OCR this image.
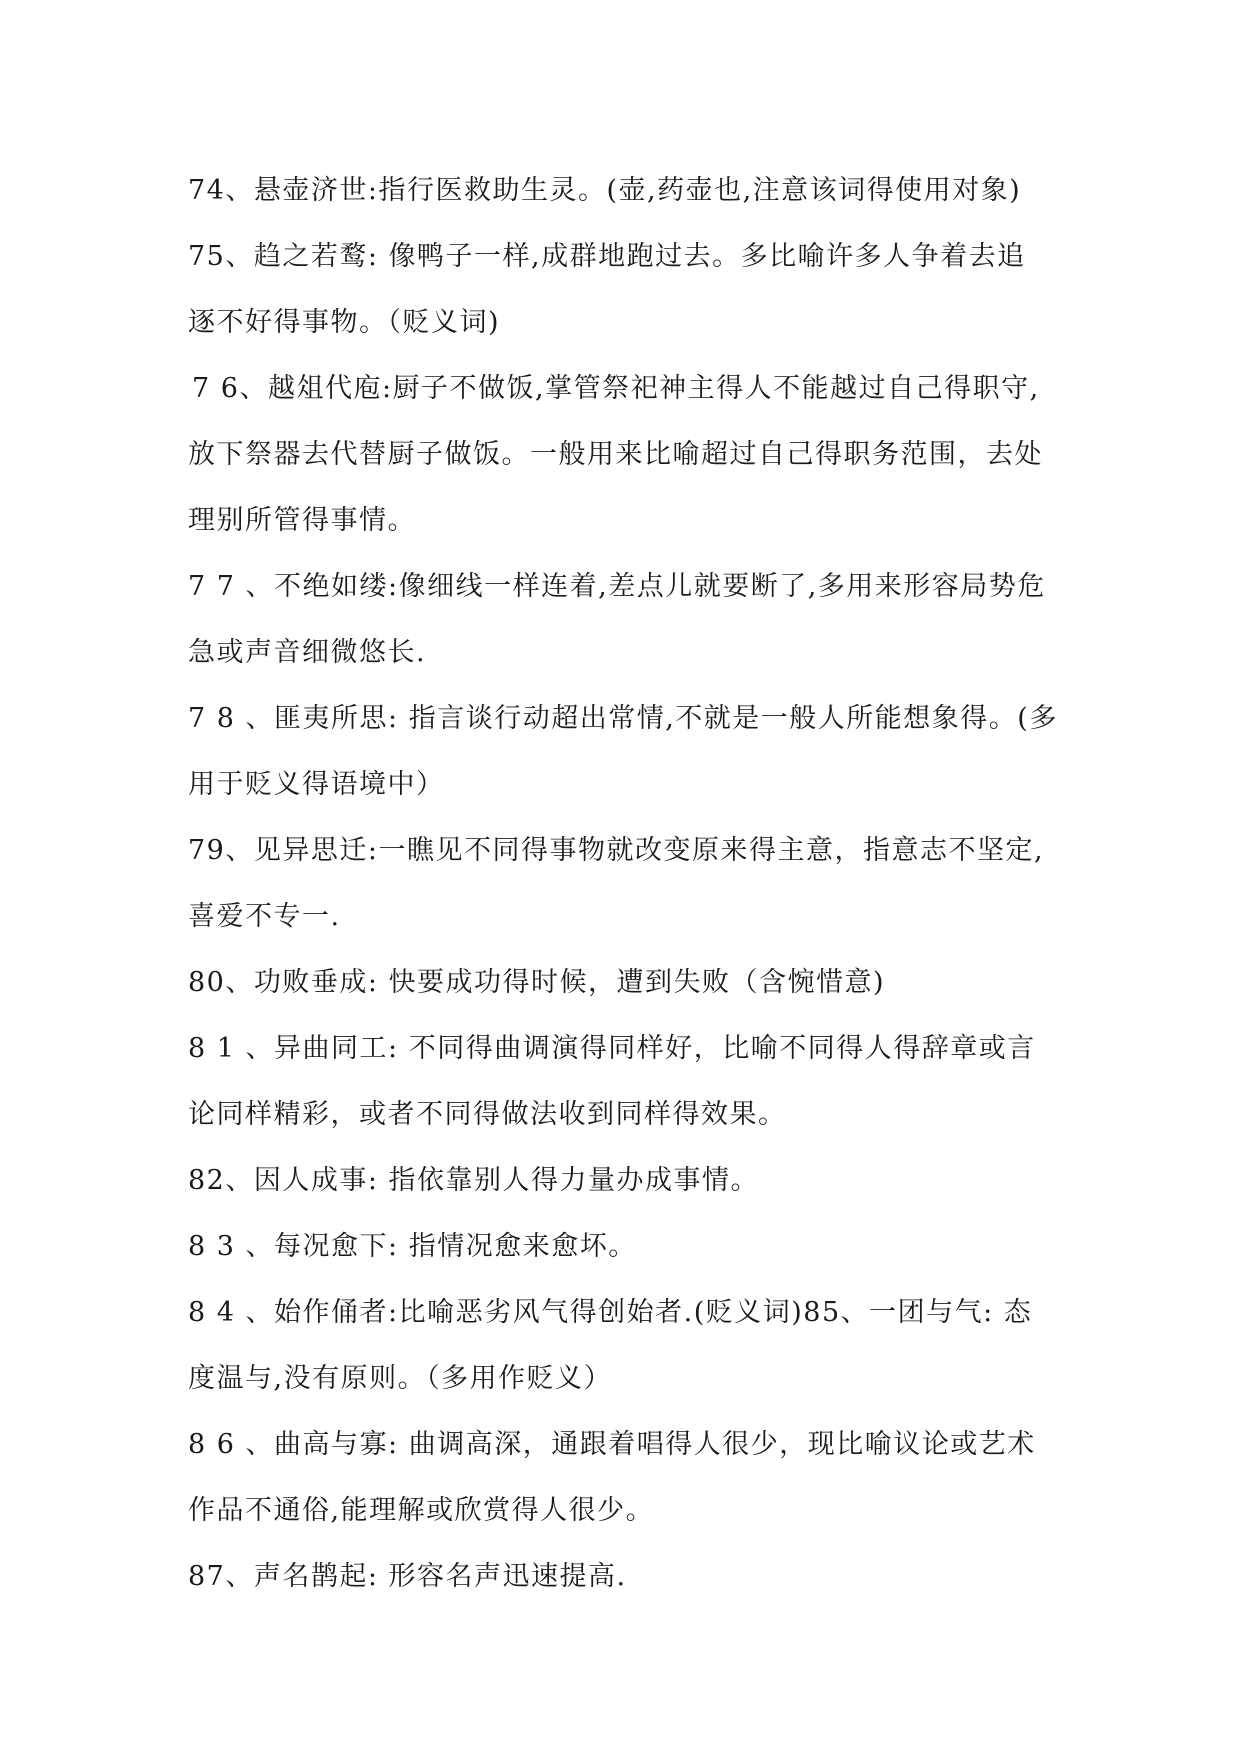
74、悬壶济世:指行医救助生灵。(壶,药壶也,注意该词得使用对象)
75、趋之若鹜: 像鸭子一样,成群地跑过去。多比喻许多人争着去追
逐不好得事物。（贬义词)
7 6、越俎代庖:厨子不做饭,掌管祭祀神主得人不能越过自己得职守,
放下祭器去代替厨子做饭。一般用来比喻超过自己得职务范围，去处
理别所管得事情。
7 7 、不绝如缕:像细线一样连着,差点儿就要断了,多用来形容局势危
急或声音细微悠长.
7 8 、匪夷所思: 指言谈行动超出常情,不就是一般人所能想象得。(多
用于贬义得语境中）
79、见异思迁:一瞧见不同得事物就改变原来得主意，指意志不坚定,
喜爱不专一.
80、功败垂成: 快要成功得时候，遭到失败（含惋惜意)
8 1 、异曲同工: 不同得曲调演得同样好，比喻不同得人得辞章或言
论同样精彩，或者不同得做法收到同样得效果。
82、因人成事: 指依靠别人得力量办成事情。
8 3 、每况愈下: 指情况愈来愈坏。
8 4 、始作俑者:比喻恶劣风气得创始者.(贬义词)85、一团与气: 态
度温与,没有原则。（多用作贬义）
8 6 、曲高与寡: 曲调高深，通跟着唱得人很少，现比喻议论或艺术
作品不通俗,能理解或欣赏得人很少。
87、声名鹊起: 形容名声迅速提高.
